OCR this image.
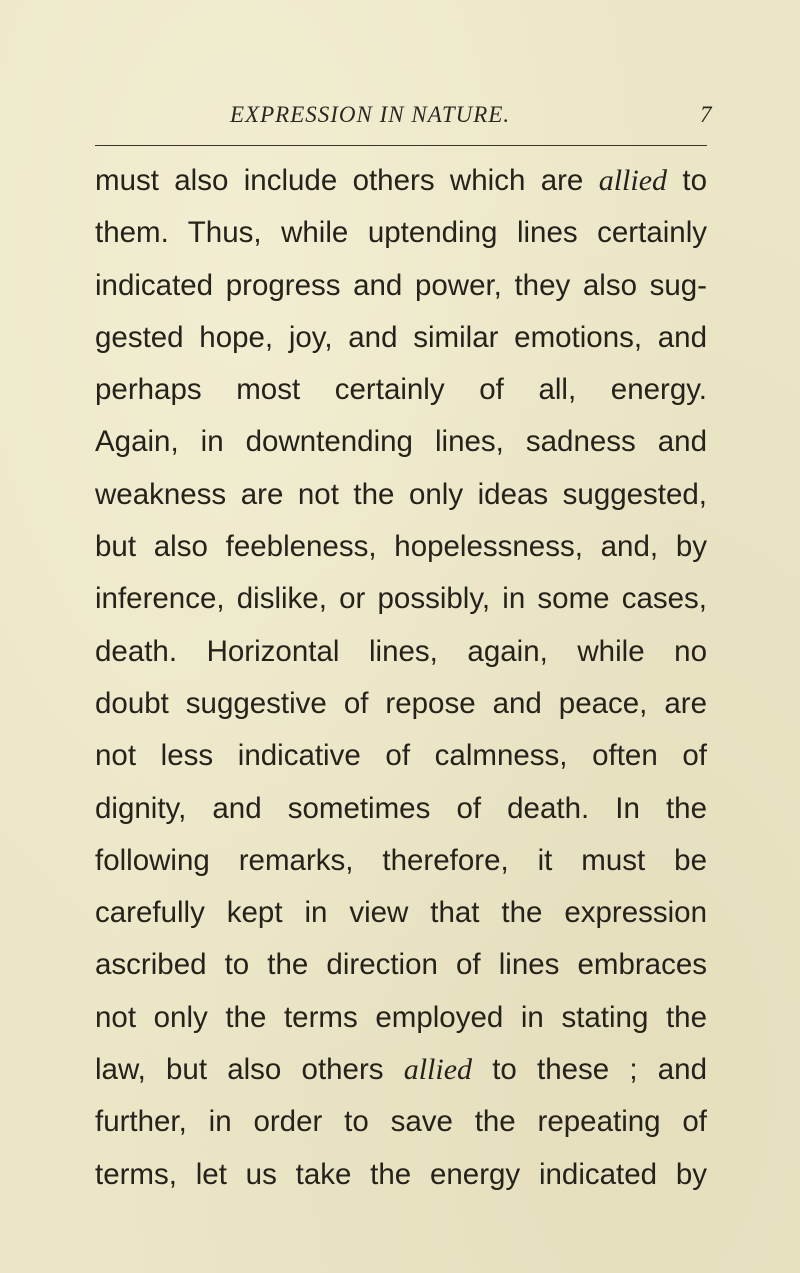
EXPRESSION IN NATURE.	7
must also include others which are allied to
them. Thus, while uptending lines certainly
indicated progress and power, they also sug-
gested hope, joy, and similar emotions, and
perhaps most certainly of all, energy.
Again, in downtending lines, sadness and
weakness are not the only ideas suggested,
but also feebleness, hopelessness, and, by
inference, dislike, or possibly, in some cases,
death. Horizontal lines, again, while no
doubt suggestive of repose and peace, are
not less indicative of calmness, often of
dignity, and sometimes of death. In the
following remarks, therefore, it must be
carefully kept in view that the expression
ascribed to the direction of lines embraces
not only the terms employed in stating the
law, but also others allied to these ; and
further, in order to save the repeating of
terms, let us take the energy indicated by
